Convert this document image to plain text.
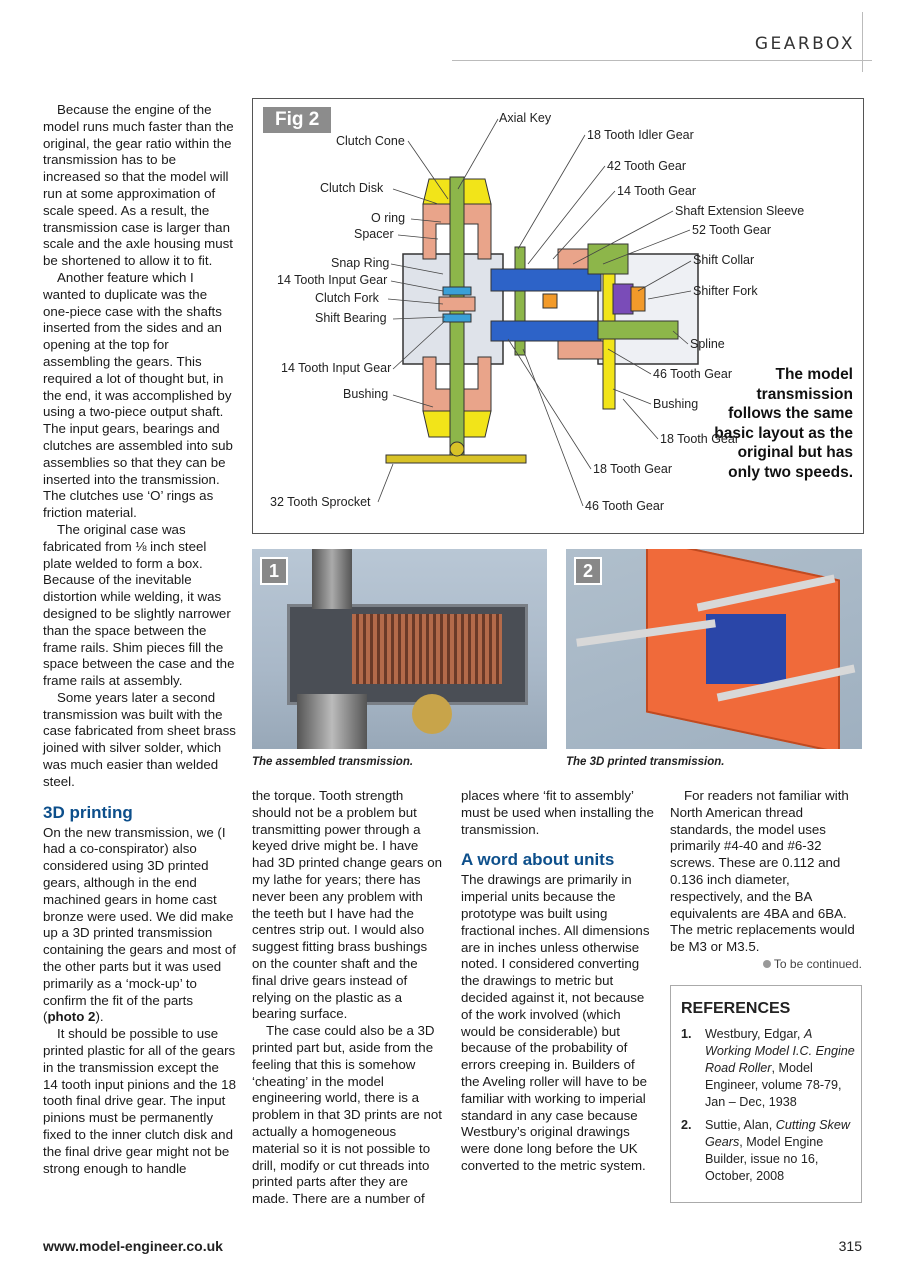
GEARBOX

Because the engine of the model runs much faster than the original, the gear ratio within the transmission has to be increased so that the model will run at some approximation of scale speed. As a result, the transmission case is larger than scale and the axle housing must be shortened to allow it to fit.

Another feature which I wanted to duplicate was the one-piece case with the shafts inserted from the sides and an opening at the top for assembling the gears. This required a lot of thought but, in the end, it was accomplished by using a two-piece output shaft. The input gears, bearings and clutches are assembled into sub assemblies so that they can be inserted into the transmission. The clutches use ‘O’ rings as friction material.

The original case was fabricated from ⅛ inch steel plate welded to form a box. Because of the inevitable distortion while welding, it was designed to be slightly narrower than the space between the frame rails. Shim pieces fill the space between the case and the frame rails at assembly.

Some years later a second transmission was built with the case fabricated from sheet brass joined with silver solder, which was much easier than welded steel.

3D printing

On the new transmission, we (I had a co-conspirator) also considered using 3D printed gears, although in the end machined gears in home cast bronze were used. We did make up a 3D printed transmission containing the gears and most of the other parts but it was used primarily as a ‘mock-up’ to confirm the fit of the parts (photo 2).

It should be possible to use printed plastic for all of the gears in the transmission except the 14 tooth input pinions and the 18 tooth final drive gear. The input pinions must be permanently fixed to the inner clutch disk and the final drive gear might not be strong enough to handle

Fig 2	Axial Key
Clutch Cone
Clutch Disk
O ring
Spacer
Snap Ring
14 Tooth Input Gear
Clutch Fork
Shift Bearing
14 Tooth Input Gear
Bushing
32 Tooth Sprocket
18 Tooth Idler Gear
42 Tooth Gear
14 Tooth Gear
Shaft Extension Sleeve
52 Tooth Gear
Shift Collar
Shifter Fork
Spline
46 Tooth Gear
Bushing
18 Tooth Gear
18 Tooth Gear
46 Tooth Gear
The model transmission follows the same basic layout as the original but has only two speeds.
1
The assembled transmission.
2
The 3D printed transmission.

the torque. Tooth strength should not be a problem but transmitting power through a keyed drive might be. I have had 3D printed change gears on my lathe for years; there has never been any problem with the teeth but I have had the centres strip out. I would also suggest fitting brass bushings on the counter shaft and the final drive gears instead of relying on the plastic as a bearing surface.

The case could also be a 3D printed part but, aside from the feeling that this is somehow ‘cheating’ in the model engineering world, there is a problem in that 3D prints are not actually a homogeneous material so it is not possible to drill, modify or cut threads into printed parts after they are made. There are a number of

places where ‘fit to assembly’ must be used when installing the transmission.

A word about units

The drawings are primarily in imperial units because the prototype was built using fractional inches. All dimensions are in inches unless otherwise noted. I considered converting the drawings to metric but decided against it, not because of the work involved (which would be considerable) but because of the probability of errors creeping in. Builders of the Aveling roller will have to be familiar with working to imperial standard in any case because Westbury’s original drawings were done long before the UK converted to the metric system.

For readers not familiar with North American thread standards, the model uses primarily #4-40 and #6-32 screws. These are 0.112 and 0.136 inch diameter, respectively, and the BA equivalents are 4BA and 6BA. The metric replacements would be M3 or M3.5.

To be continued.
REFERENCES
1.	Westbury, Edgar, A Working Model I.C. Engine Road Roller, Model Engineer, volume 78-79, Jan – Dec, 1938
2.	Suttie, Alan, Cutting Skew Gears, Model Engine Builder, issue no 16, October, 2008
www.model-engineer.co.uk	315
